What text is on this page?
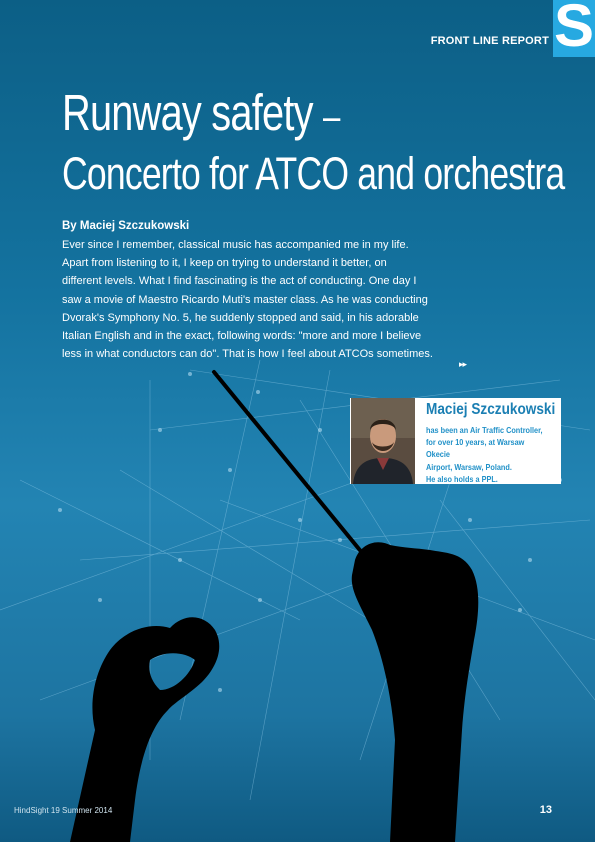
S
FRONT LINE REPORT
Runway safety –
Concerto for ATCO and orchestra
By Maciej Szczukowski
Ever since I remember, classical music has accompanied me in my life.
Apart from listening to it, I keep on trying to understand it better, on
different levels. What I find fascinating is the act of conducting. One day I
saw a movie of Maestro Ricardo Muti's master class. As he was conducting
Dvorak's Symphony No. 5, he suddenly stopped and said, in his adorable
Italian English and in the exact, following words: "more and more I believe
less in what conductors can do". That is how I feel about ATCOs sometimes.
▸▸
Maciej Szczukowski
has been an Air Traffic Controller,
for over 10 years, at Warsaw Okecie
Airport, Warsaw, Poland.
He also holds a PPL.
HindSight 19 Summer 2014	13
